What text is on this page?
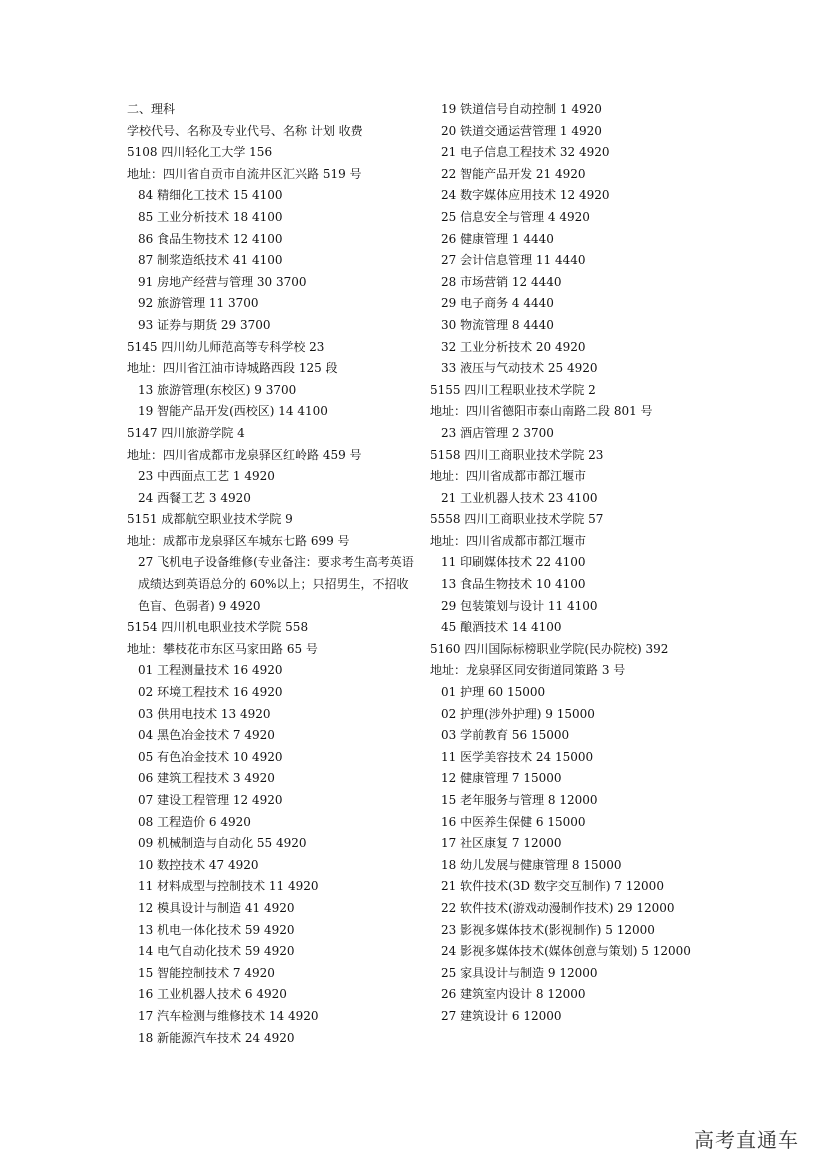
二、理科
学校代号、名称及专业代号、名称 计划 收费
5108 四川轻化工大学 156
地址：四川省自贡市自流井区汇兴路 519 号
84 精细化工技术 15 4100
85 工业分析技术 18 4100
86 食品生物技术 12 4100
87 制浆造纸技术 41 4100
91 房地产经营与管理 30 3700
92 旅游管理 11 3700
93 证券与期货 29 3700
5145 四川幼儿师范高等专科学校 23
地址：四川省江油市诗城路西段 125 段
13 旅游管理(东校区) 9 3700
19 智能产品开发(西校区) 14 4100
5147 四川旅游学院 4
地址：四川省成都市龙泉驿区红岭路 459 号
23 中西面点工艺 1 4920
24 西餐工艺 3 4920
5151 成都航空职业技术学院 9
地址：成都市龙泉驿区车城东七路 699 号
27 飞机电子设备维修(专业备注：要求考生高考英语成绩达到英语总分的 60%以上；只招男生，不招收色盲、色弱者) 9 4920
5154 四川机电职业技术学院 558
地址：攀枝花市东区马家田路 65 号
01 工程测量技术 16 4920
02 环境工程技术 16 4920
03 供用电技术 13 4920
04 黑色冶金技术 7 4920
05 有色冶金技术 10 4920
06 建筑工程技术 3 4920
07 建设工程管理 12 4920
08 工程造价 6 4920
09 机械制造与自动化 55 4920
10 数控技术 47 4920
11 材料成型与控制技术 11 4920
12 模具设计与制造 41 4920
13 机电一体化技术 59 4920
14 电气自动化技术 59 4920
15 智能控制技术 7 4920
16 工业机器人技术 6 4920
17 汽车检测与维修技术 14 4920
18 新能源汽车技术 24 4920
19 铁道信号自动控制 1 4920
20 铁道交通运营管理 1 4920
21 电子信息工程技术 32 4920
22 智能产品开发 21 4920
24 数字媒体应用技术 12 4920
25 信息安全与管理 4 4920
26 健康管理 1 4440
27 会计信息管理 11 4440
28 市场营销 12 4440
29 电子商务 4 4440
30 物流管理 8 4440
32 工业分析技术 20 4920
33 液压与气动技术 25 4920
5155 四川工程职业技术学院 2
地址：四川省德阳市泰山南路二段 801 号
23 酒店管理 2 3700
5158 四川工商职业技术学院 23
地址：四川省成都市都江堰市
21 工业机器人技术 23 4100
5558 四川工商职业技术学院 57
地址：四川省成都市都江堰市
11 印刷媒体技术 22 4100
13 食品生物技术 10 4100
29 包装策划与设计 11 4100
45 酿酒技术 14 4100
5160 四川国际标榜职业学院(民办院校) 392
地址：龙泉驿区同安街道同策路 3 号
01 护理 60 15000
02 护理(涉外护理) 9 15000
03 学前教育 56 15000
11 医学美容技术 24 15000
12 健康管理 7 15000
15 老年服务与管理 8 12000
16 中医养生保健 6 15000
17 社区康复 7 12000
18 幼儿发展与健康管理 8 15000
21 软件技术(3D 数字交互制作) 7 12000
22 软件技术(游戏动漫制作技术) 29 12000
23 影视多媒体技术(影视制作) 5 12000
24 影视多媒体技术(媒体创意与策划) 5 12000
25 家具设计与制造 9 12000
26 建筑室内设计 8 12000
27 建筑设计 6 12000
高考直通车
